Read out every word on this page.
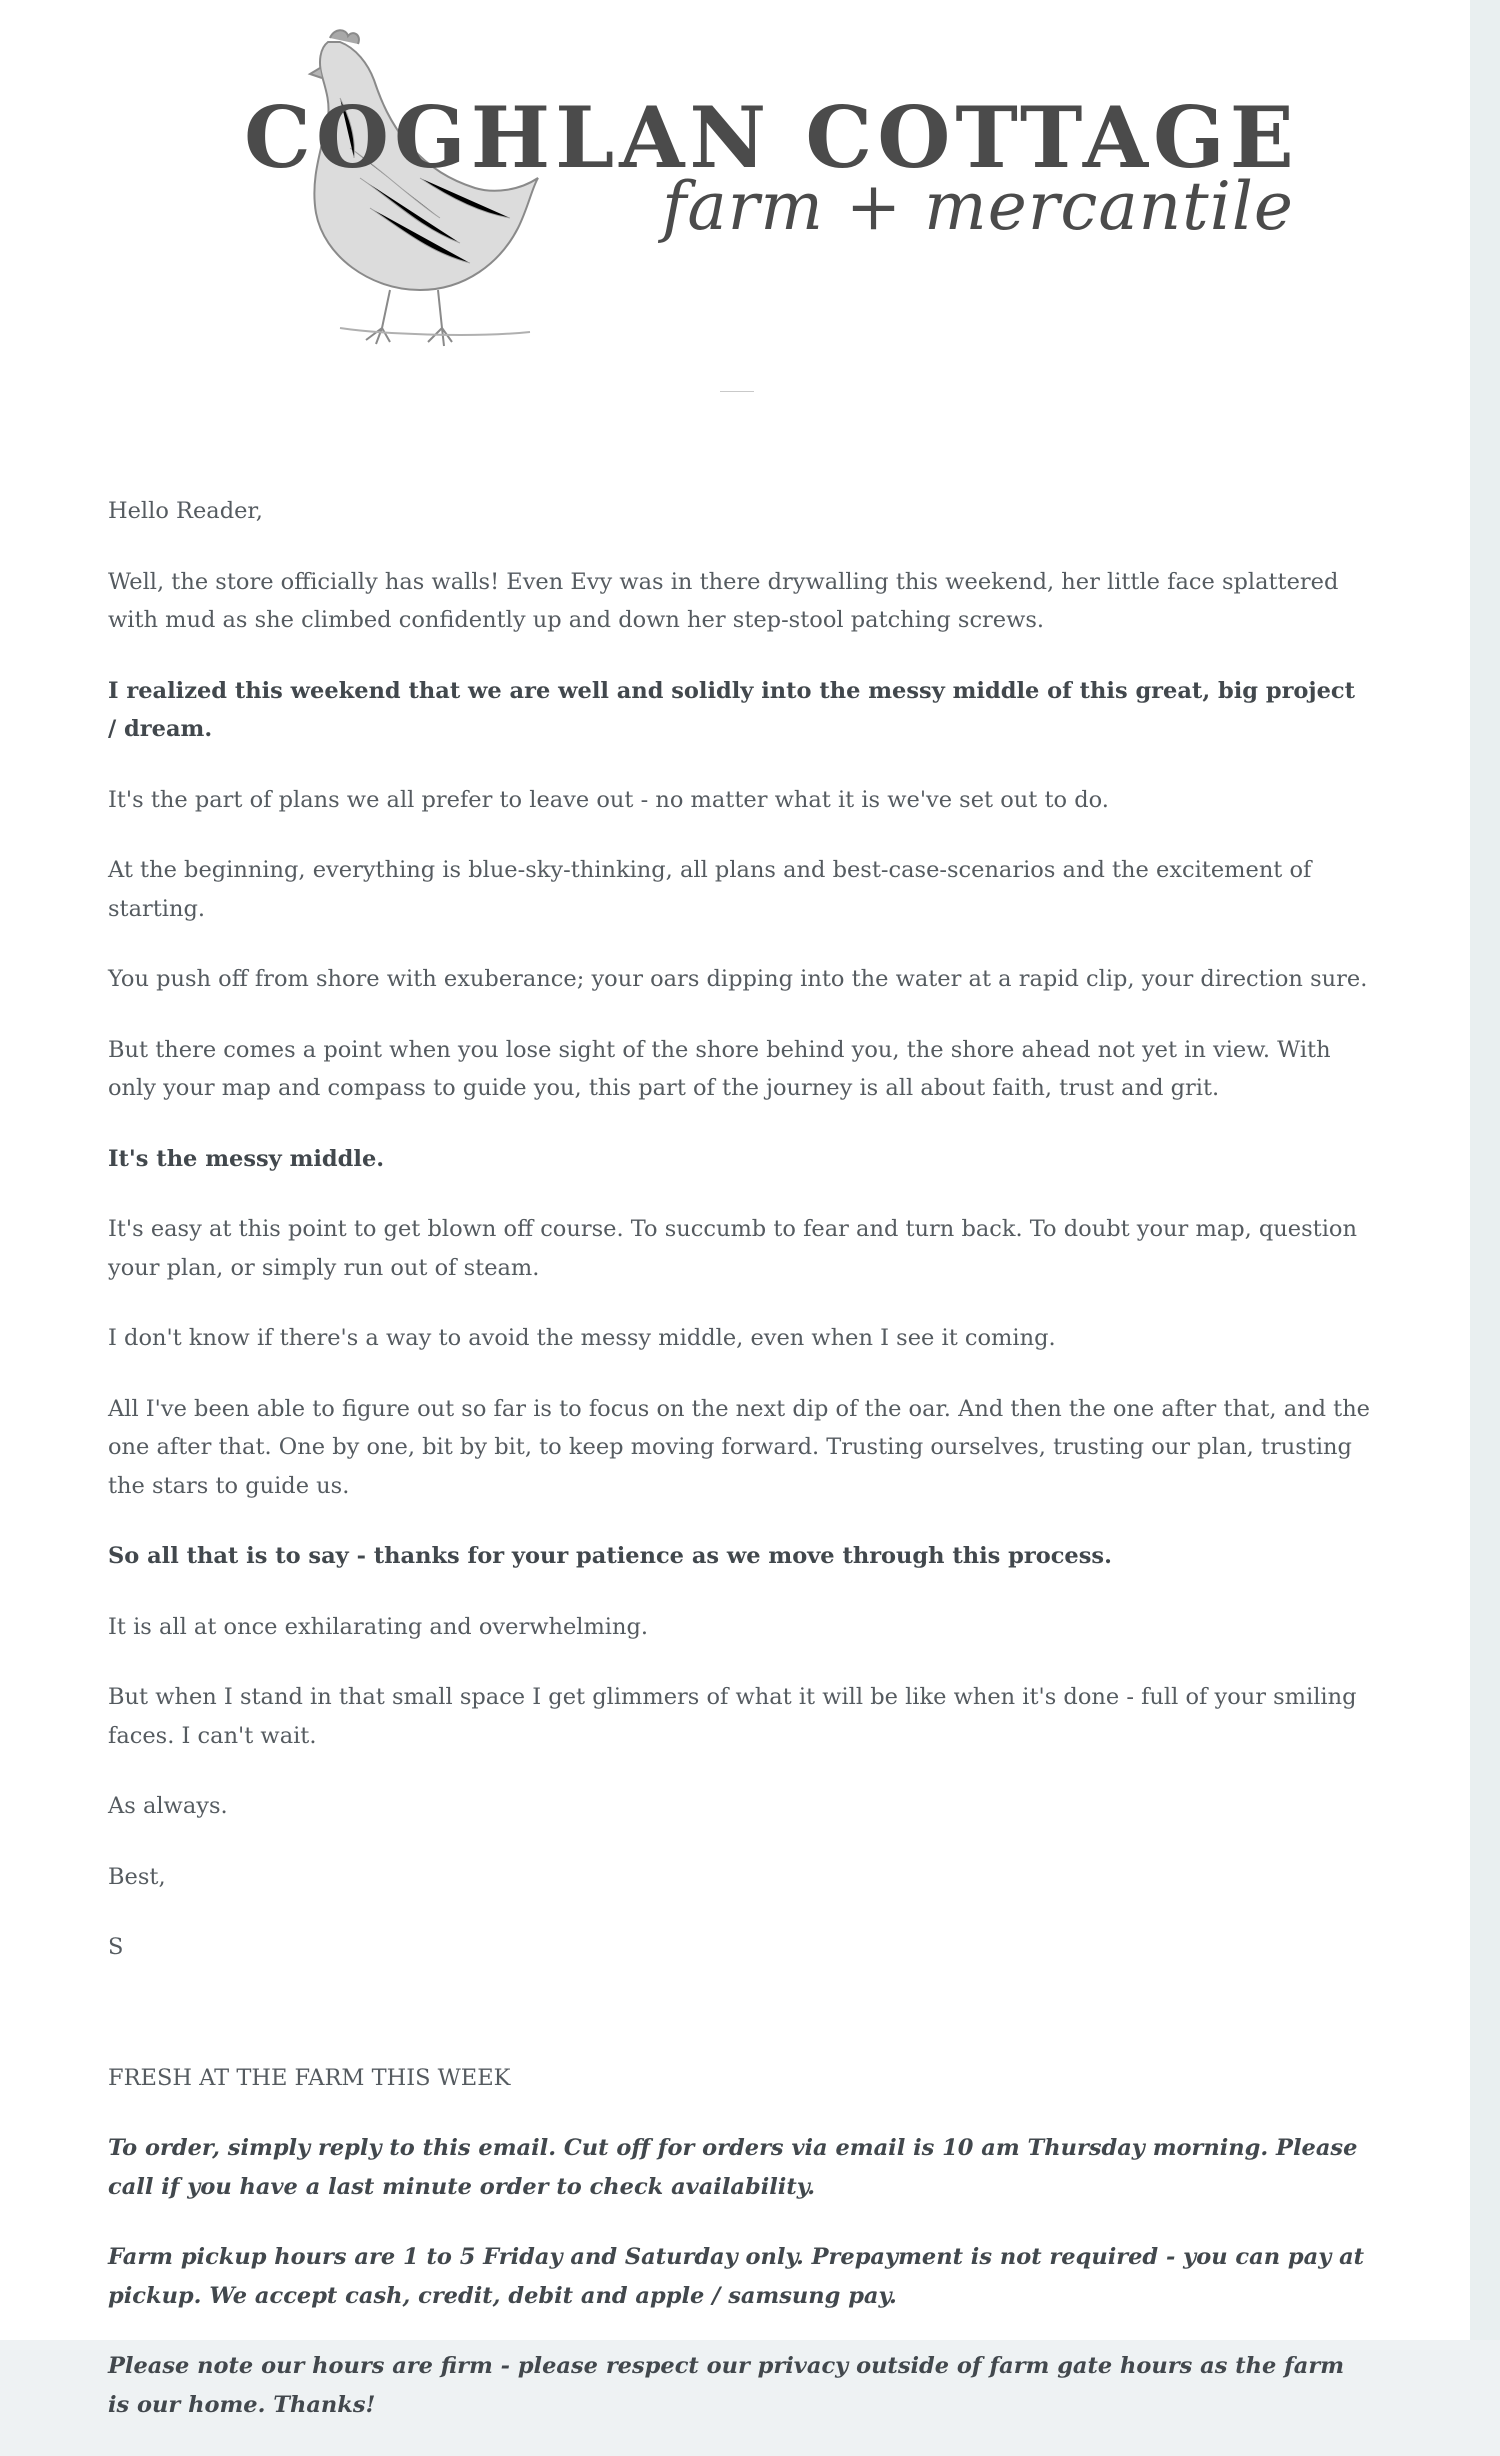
COGHLAN COTTAGE
farm + mercantile

Hello Reader,

Well, the store officially has walls! Even Evy was in there drywalling this weekend, her little face splattered with mud as she climbed confidently up and down her step-stool patching screws.

I realized this weekend that we are well and solidly into the messy middle of this great, big project / dream.

It's the part of plans we all prefer to leave out - no matter what it is we've set out to do.

At the beginning, everything is blue-sky-thinking, all plans and best-case-scenarios and the excitement of starting.

You push off from shore with exuberance; your oars dipping into the water at a rapid clip, your direction sure.

But there comes a point when you lose sight of the shore behind you, the shore ahead not yet in view. With only your map and compass to guide you, this part of the journey is all about faith, trust and grit.

It's the messy middle.

It's easy at this point to get blown off course. To succumb to fear and turn back. To doubt your map, question your plan, or simply run out of steam.

I don't know if there's a way to avoid the messy middle, even when I see it coming.

All I've been able to figure out so far is to focus on the next dip of the oar. And then the one after that, and the one after that. One by one, bit by bit, to keep moving forward. Trusting ourselves, trusting our plan, trusting the stars to guide us.

So all that is to say - thanks for your patience as we move through this process.

It is all at once exhilarating and overwhelming.

But when I stand in that small space I get glimmers of what it will be like when it's done - full of your smiling faces. I can't wait.

As always.

Best,

S

FRESH AT THE FARM THIS WEEK

To order, simply reply to this email. Cut off for orders via email is 10 am Thursday morning. Please call if you have a last minute order to check availability.

Farm pickup hours are 1 to 5 Friday and Saturday only. Prepayment is not required - you can pay at pickup. We accept cash, credit, debit and apple / samsung pay.

Please note our hours are firm - please respect our privacy outside of farm gate hours as the farm is our home. Thanks!
